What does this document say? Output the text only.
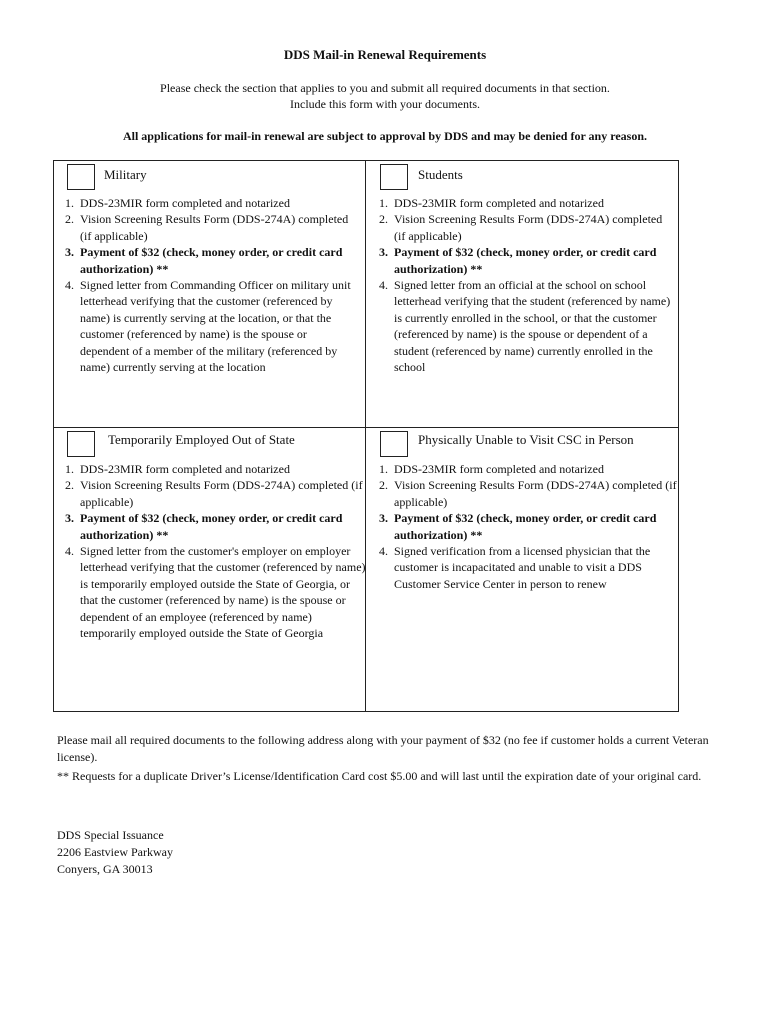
DDS Mail-in Renewal Requirements
Please check the section that applies to you and submit all required documents in that section.
Include this form with your documents.
All applications for mail-in renewal are subject to approval by DDS and may be denied for any reason.
Military
1. DDS-23MIR form completed and notarized
2. Vision Screening Results Form (DDS-274A) completed (if applicable)
3. Payment of $32 (check, money order, or credit card authorization) **
4. Signed letter from Commanding Officer on military unit letterhead verifying that the customer (referenced by name) is currently serving at the location, or that the customer (referenced by name) is the spouse or dependent of a member of the military (referenced by name) currently serving at the location
Students
1. DDS-23MIR form completed and notarized
2. Vision Screening Results Form (DDS-274A) completed (if applicable)
3. Payment of $32 (check, money order, or credit card authorization) **
4. Signed letter from an official at the school on school letterhead verifying that the student (referenced by name) is currently enrolled in the school, or that the customer (referenced by name) is the spouse or dependent of a student (referenced by name) currently enrolled in the school
Temporarily Employed Out of State
1. DDS-23MIR form completed and notarized
2. Vision Screening Results Form (DDS-274A) completed (if applicable)
3. Payment of $32 (check, money order, or credit card authorization) **
4. Signed letter from the customer's employer on employer letterhead verifying that the customer (referenced by name) is temporarily employed outside the State of Georgia, or that the customer (referenced by name) is the spouse or dependent of an employee (referenced by name) temporarily employed outside the State of Georgia
Physically Unable to Visit CSC in Person
1. DDS-23MIR form completed and notarized
2. Vision Screening Results Form (DDS-274A) completed (if applicable)
3. Payment of $32 (check, money order, or credit card authorization) **
4. Signed verification from a licensed physician that the customer is incapacitated and unable to visit a DDS Customer Service Center in person to renew
Please mail all required documents to the following address along with your payment of $32 (no fee if customer holds a current Veteran license).
** Requests for a duplicate Driver’s License/Identification Card cost $5.00 and will last until the expiration date of your original card.
DDS Special Issuance
2206 Eastview Parkway
Conyers, GA 30013
